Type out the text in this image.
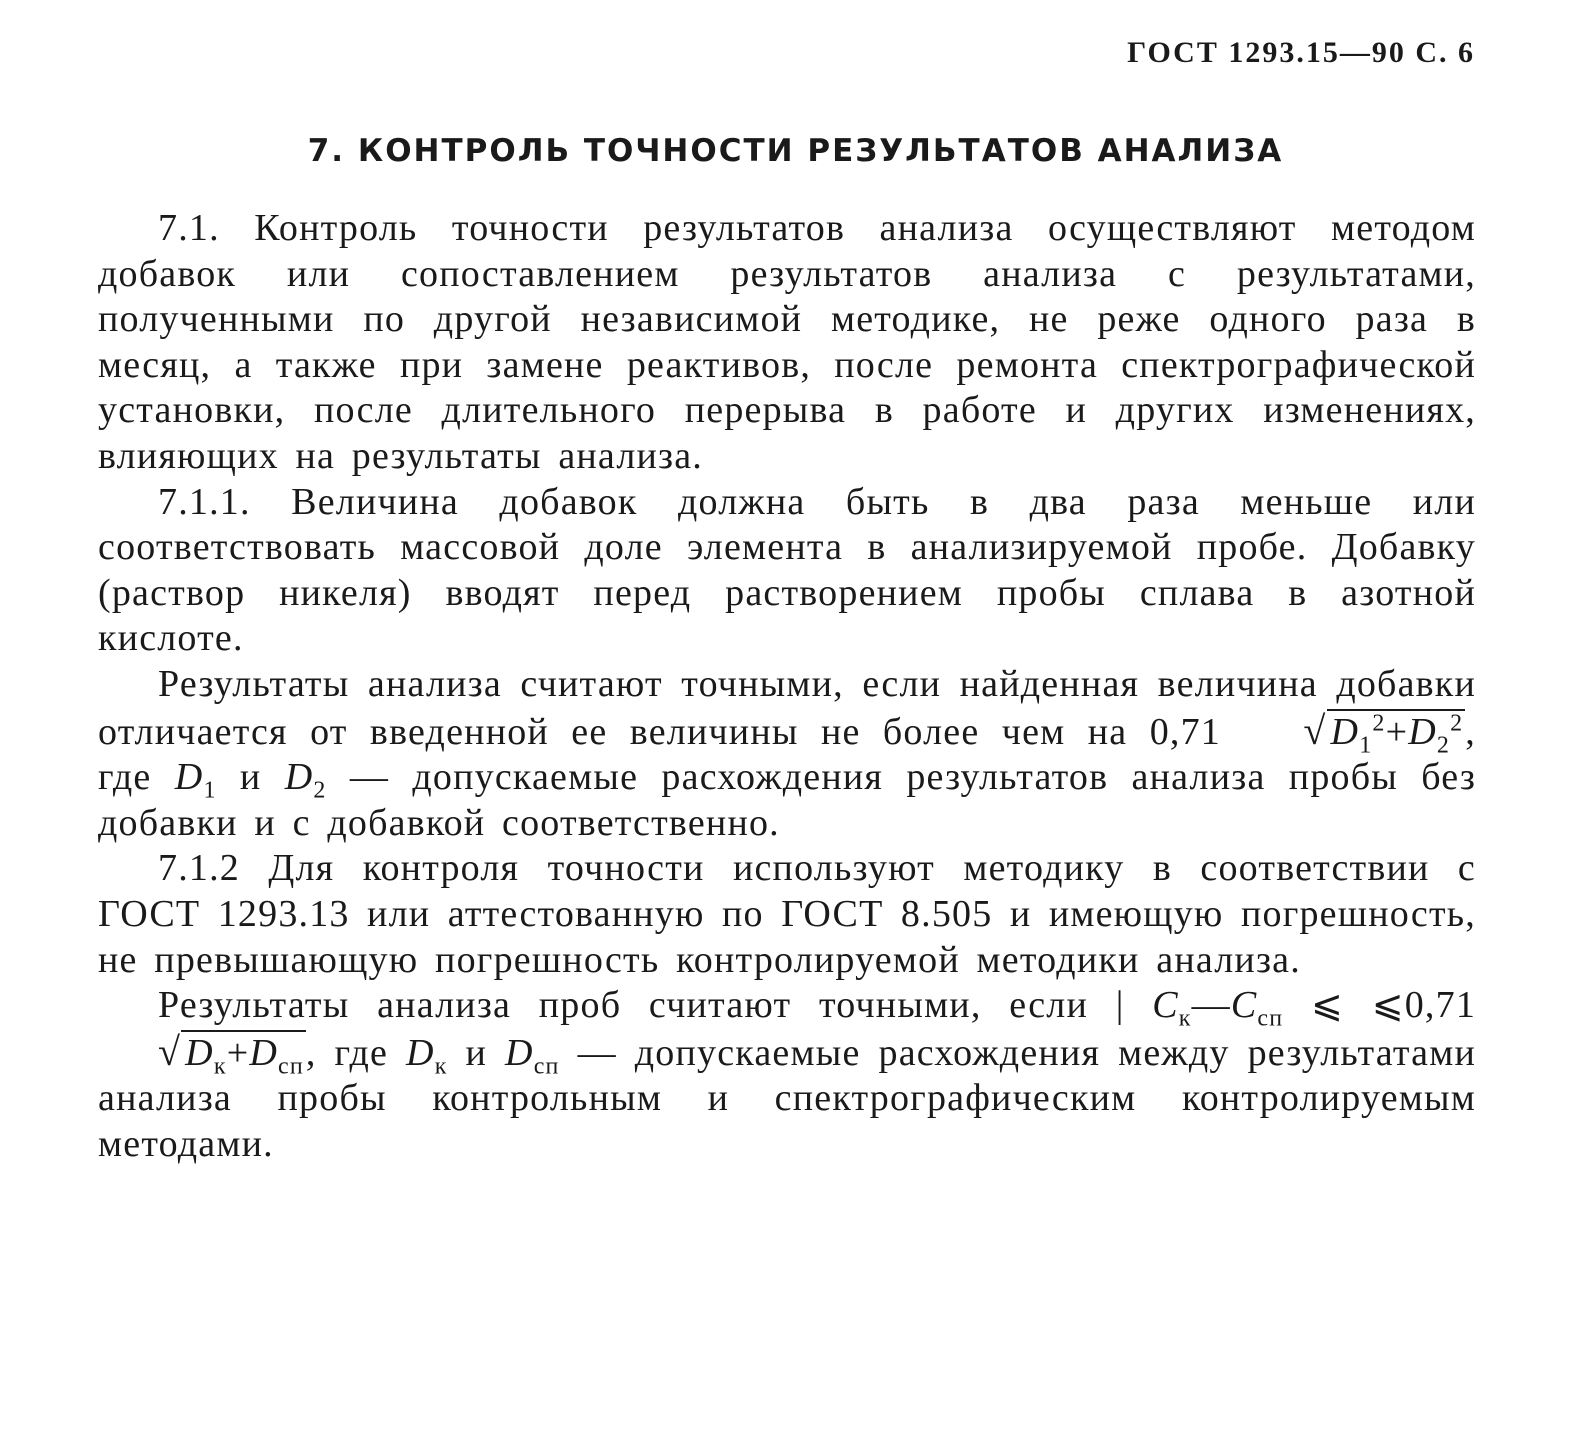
ГОСТ 1293.15—90 С. 6
7. КОНТРОЛЬ ТОЧНОСТИ РЕЗУЛЬТАТОВ АНАЛИЗА

7.1. Контроль точности результатов анализа осуществляют методом добавок или сопоставлением результатов анализа с результатами, полученными по другой независимой методике, не реже одного раза в месяц, а также при замене реактивов, после ремонта спектрографической установки, после длительного перерыва в работе и других изменениях, влияющих на результаты анализа.

7.1.1. Величина добавок должна быть в два раза меньше или соответствовать массовой доле элемента в анализируемой пробе. Добавку (раствор никеля) вводят перед растворением пробы сплава в азотной кислоте.

Результаты анализа считают точными, если найденная величина добавки отличается от введенной ее величины не более чем на 0,71 √ $D_1^2+D_2^2$, где $D_1$ и $D_2$ — допускаемые расхождения результатов анализа пробы без добавки и с добавкой соответственно.

7.1.2 Для контроля точности используют методику в соответствии с ГОСТ 1293.13 или аттестованную по ГОСТ 8.505 и имеющую погрешность, не превышающую погрешность контролируемой методики анализа.

Результаты анализа проб считают точными, если | $C_к—C_{сп}$ ⩽ ⩽0,71√ $D_к+D_{сп}$, где $D_к$ и $D_{сп}$ — допускаемые расхождения между результатами анализа пробы контрольным и спектрографическим контролируемым методами.
